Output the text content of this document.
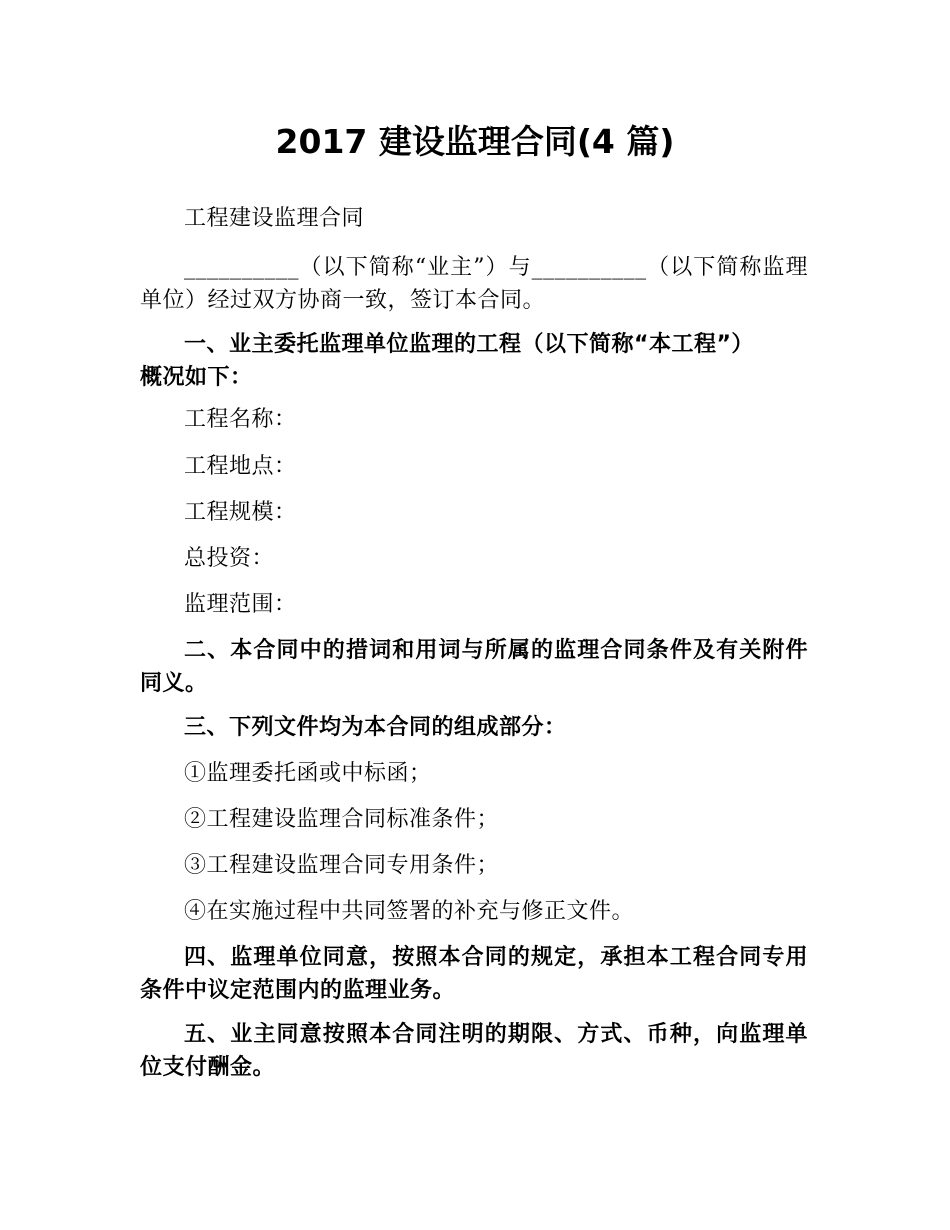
2017 建设监理合同(4 篇)
工程建设监理合同
__________（以下简称“业主”）与__________（以下简称监理单位）经过双方协商一致，签订本合同。
一、业主委托监理单位监理的工程（以下简称“本工程”）概况如下：
工程名称：
工程地点：
工程规模：
总投资：
监理范围：
二、本合同中的措词和用词与所属的监理合同条件及有关附件同义。
三、下列文件均为本合同的组成部分：
①监理委托函或中标函；
②工程建设监理合同标准条件；
③工程建设监理合同专用条件；
④在实施过程中共同签署的补充与修正文件。
四、监理单位同意，按照本合同的规定，承担本工程合同专用条件中议定范围内的监理业务。
五、业主同意按照本合同注明的期限、方式、币种，向监理单位支付酬金。
